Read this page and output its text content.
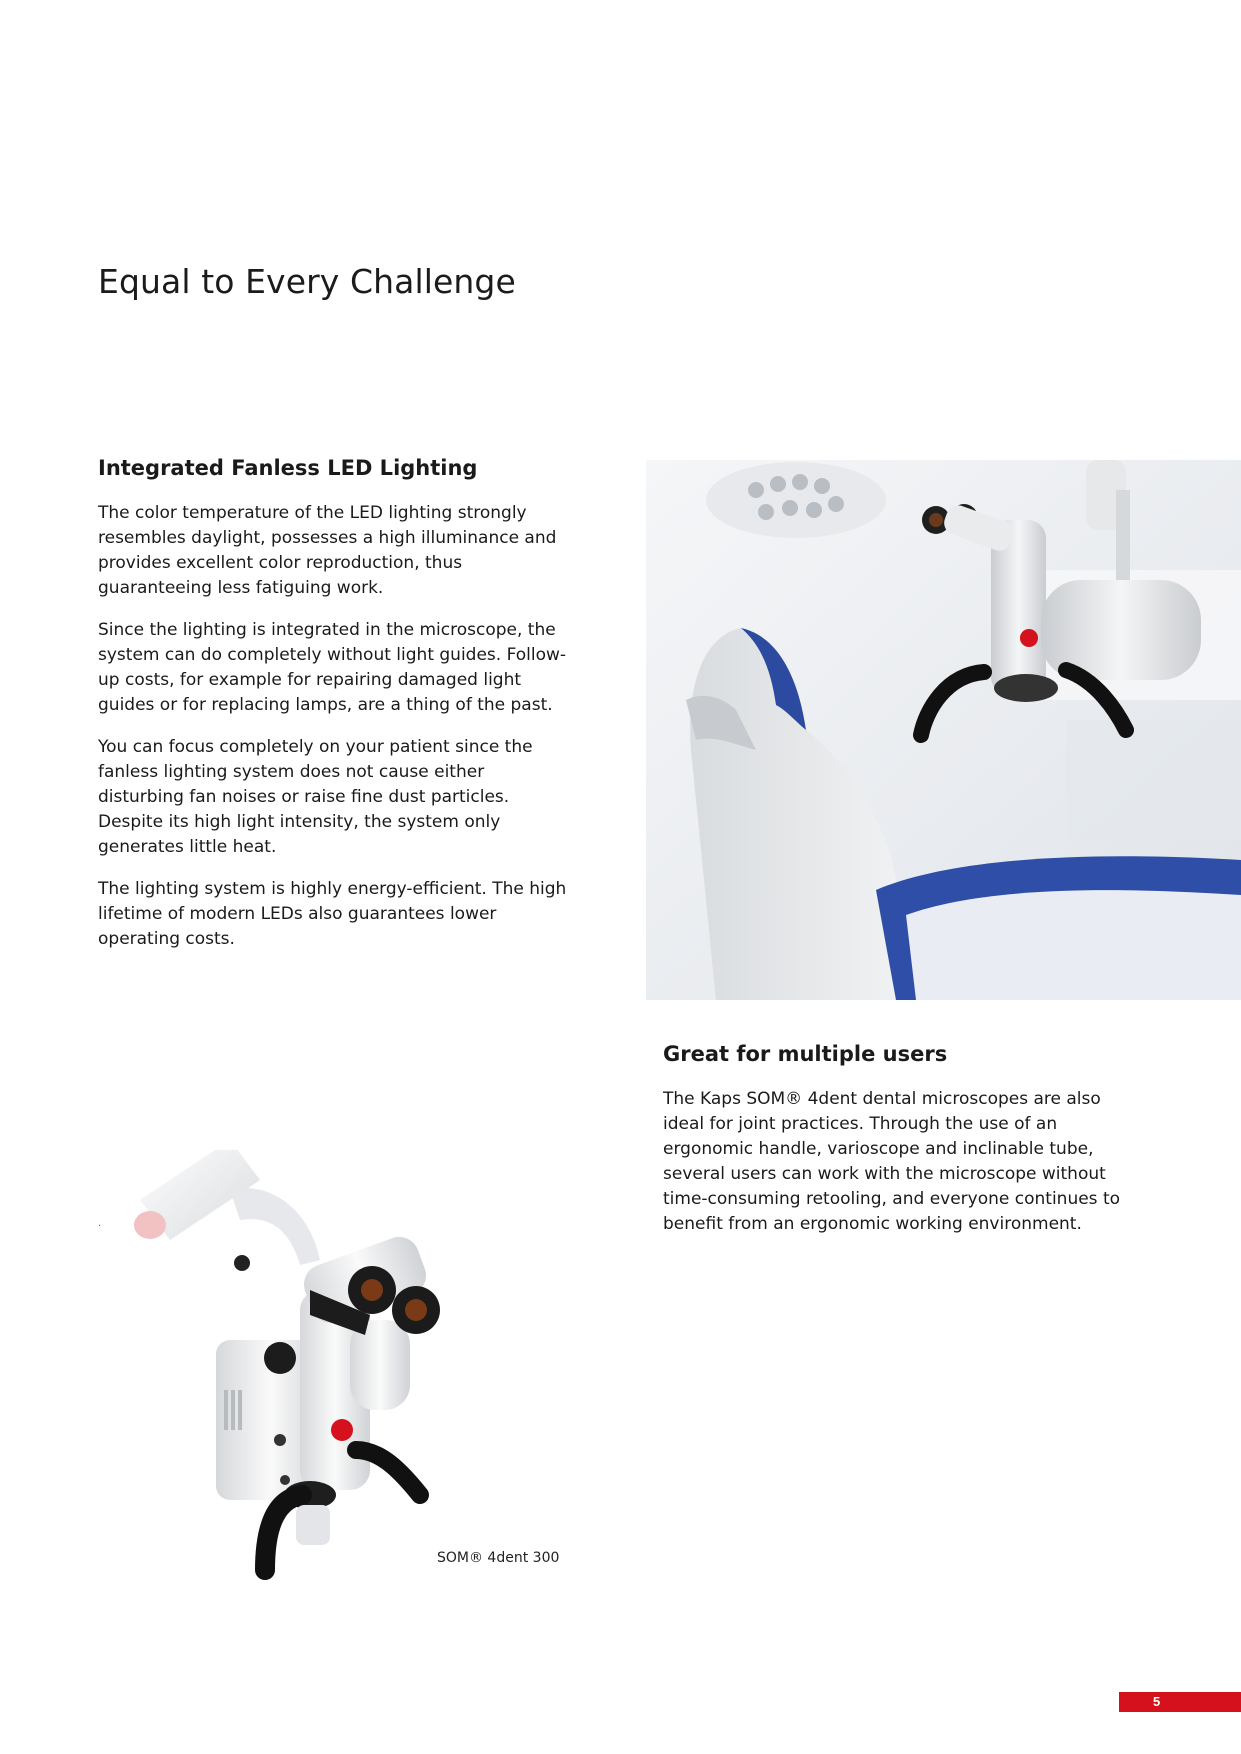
Equal to Every Challenge
Integrated Fanless LED Lighting

The color temperature of the LED lighting strongly resembles daylight, possesses a high illuminance and provides excellent color reproduction, thus guaranteeing less fatiguing work.

Since the lighting is integrated in the microscope, the system can do completely without light guides. Follow-up costs, for example for repairing damaged light guides or for replacing lamps, are a thing of the past.

You can focus completely on your patient since the fanless lighting system does not cause either disturbing fan noises or raise fine dust particles. Despite its high light intensity, the system only generates little heat.

The lighting system is highly energy-efficient. The high lifetime of modern LEDs also guarantees lower operating costs.

Great for multiple users

The Kaps SOM® 4dent dental microscopes are also ideal for joint practices. Through the use of an ergonomic handle, varioscope and inclinable tube, several users can work with the microscope without time-consuming retooling, and everyone continues to benefit from an ergonomic working environment.

.
SOM® 4dent 300
5
